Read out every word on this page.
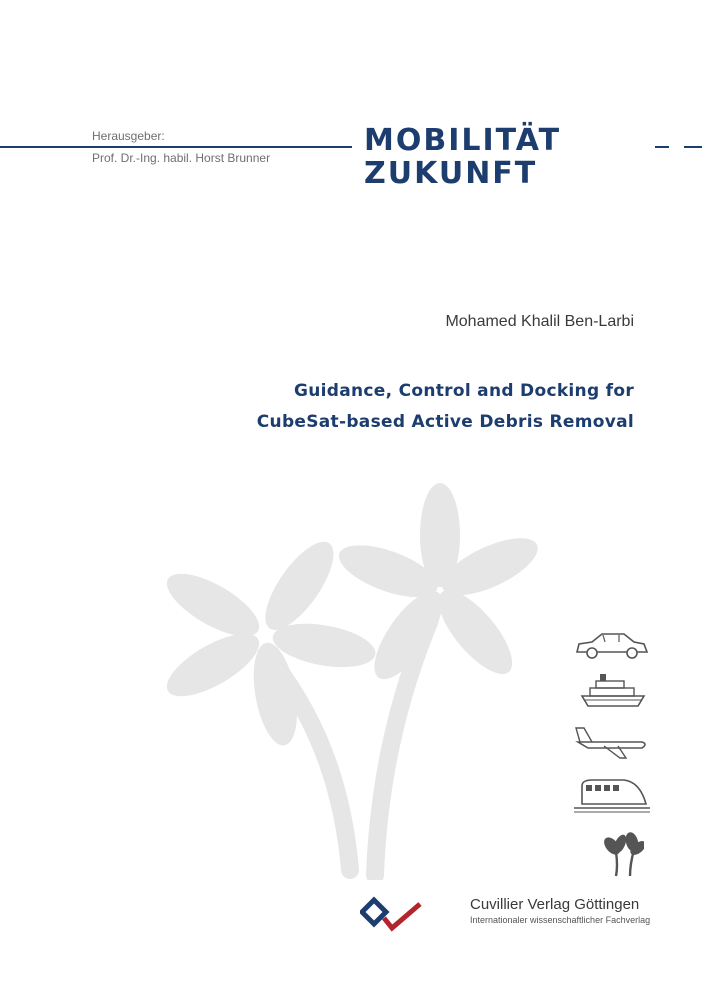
Herausgeber:
Prof. Dr.-Ing. habil. Horst Brunner	MOBILITÄT
ZUKUNFT
Mohamed Khalil Ben-Larbi
Guidance, Control and Docking for
CubeSat-based Active Debris Removal
Cuvillier Verlag Göttingen
Internationaler wissenschaftlicher Fachverlag
